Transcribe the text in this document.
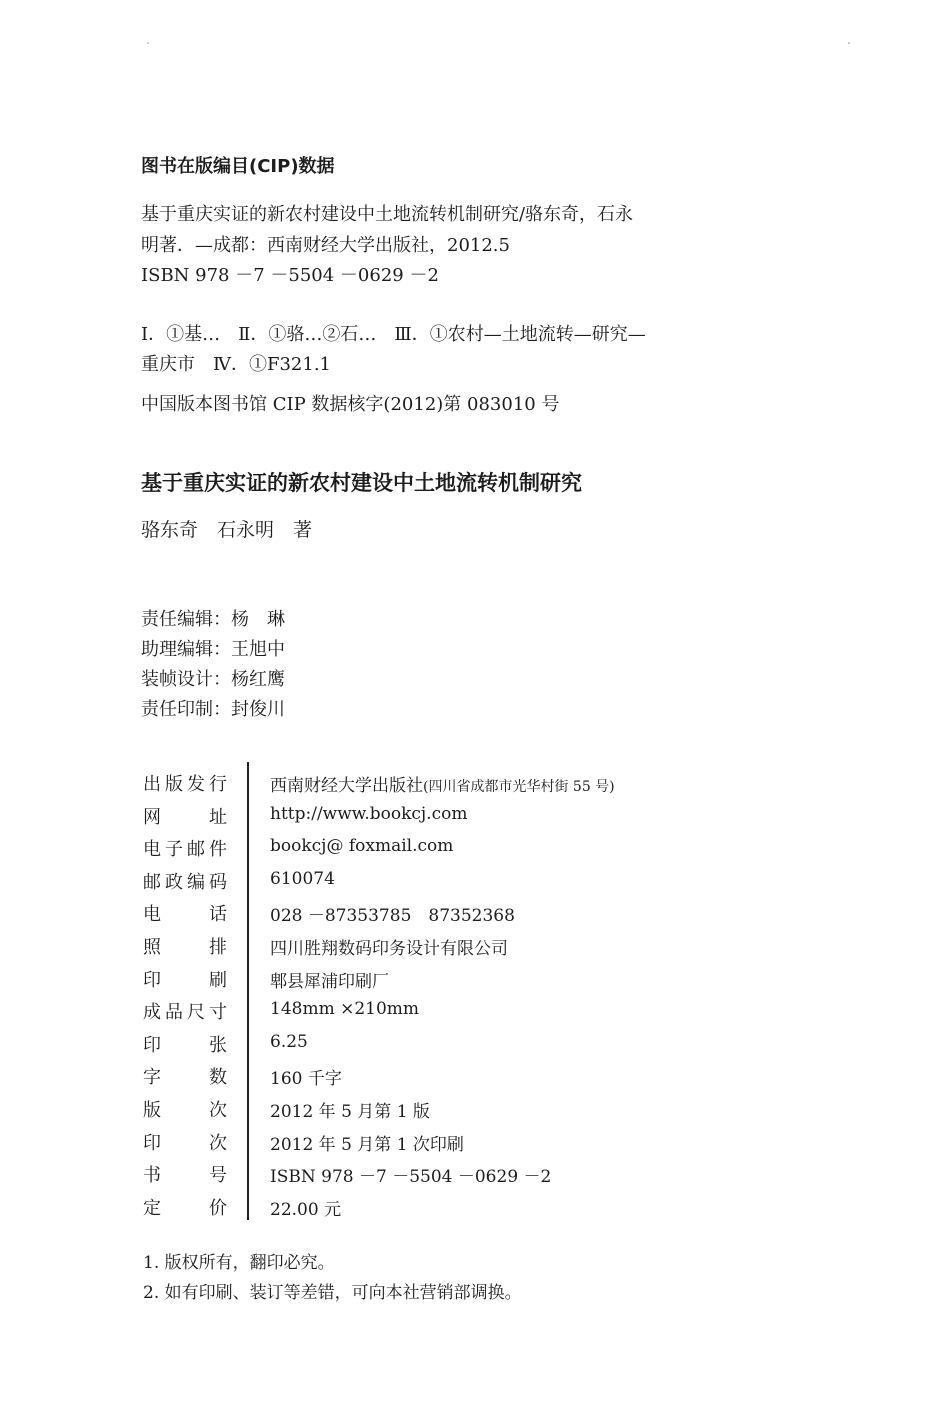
图书在版编目(CIP)数据
基于重庆实证的新农村建设中土地流转机制研究/骆东奇，石永
明著．—成都：西南财经大学出版社，2012.5
ISBN 978 －7 －5504 －0629 －2
Ⅰ．①基…　Ⅱ．①骆…②石…　Ⅲ．①农村—土地流转—研究—
重庆市　Ⅳ．①F321.1
中国版本图书馆 CIP 数据核字(2012)第 083010 号
基于重庆实证的新农村建设中土地流转机制研究
骆东奇　石永明　著
责任编辑：杨　琳
助理编辑：王旭中
装帧设计：杨红鹰
责任印制：封俊川
出 版 发 行	西南财经大学出版社(四川省成都市光华村街 55 号)
网	址	http://www.bookcj.com
电 子 邮 件	bookcj@ foxmail.com
邮 政 编 码	610074
电	话	028 －87353785　87352368
照	排	四川胜翔数码印务设计有限公司
印	刷	郫县犀浦印刷厂
成 品 尺 寸	148mm ×210mm
印	张	6.25
字	数	160 千字
版	次	2012 年 5 月第 1 版
印	次	2012 年 5 月第 1 次印刷
书	号	ISBN 978 －7 －5504 －0629 －2
定	价	22.00 元
1. 版权所有，翻印必究。
2. 如有印刷、装订等差错，可向本社营销部调换。
